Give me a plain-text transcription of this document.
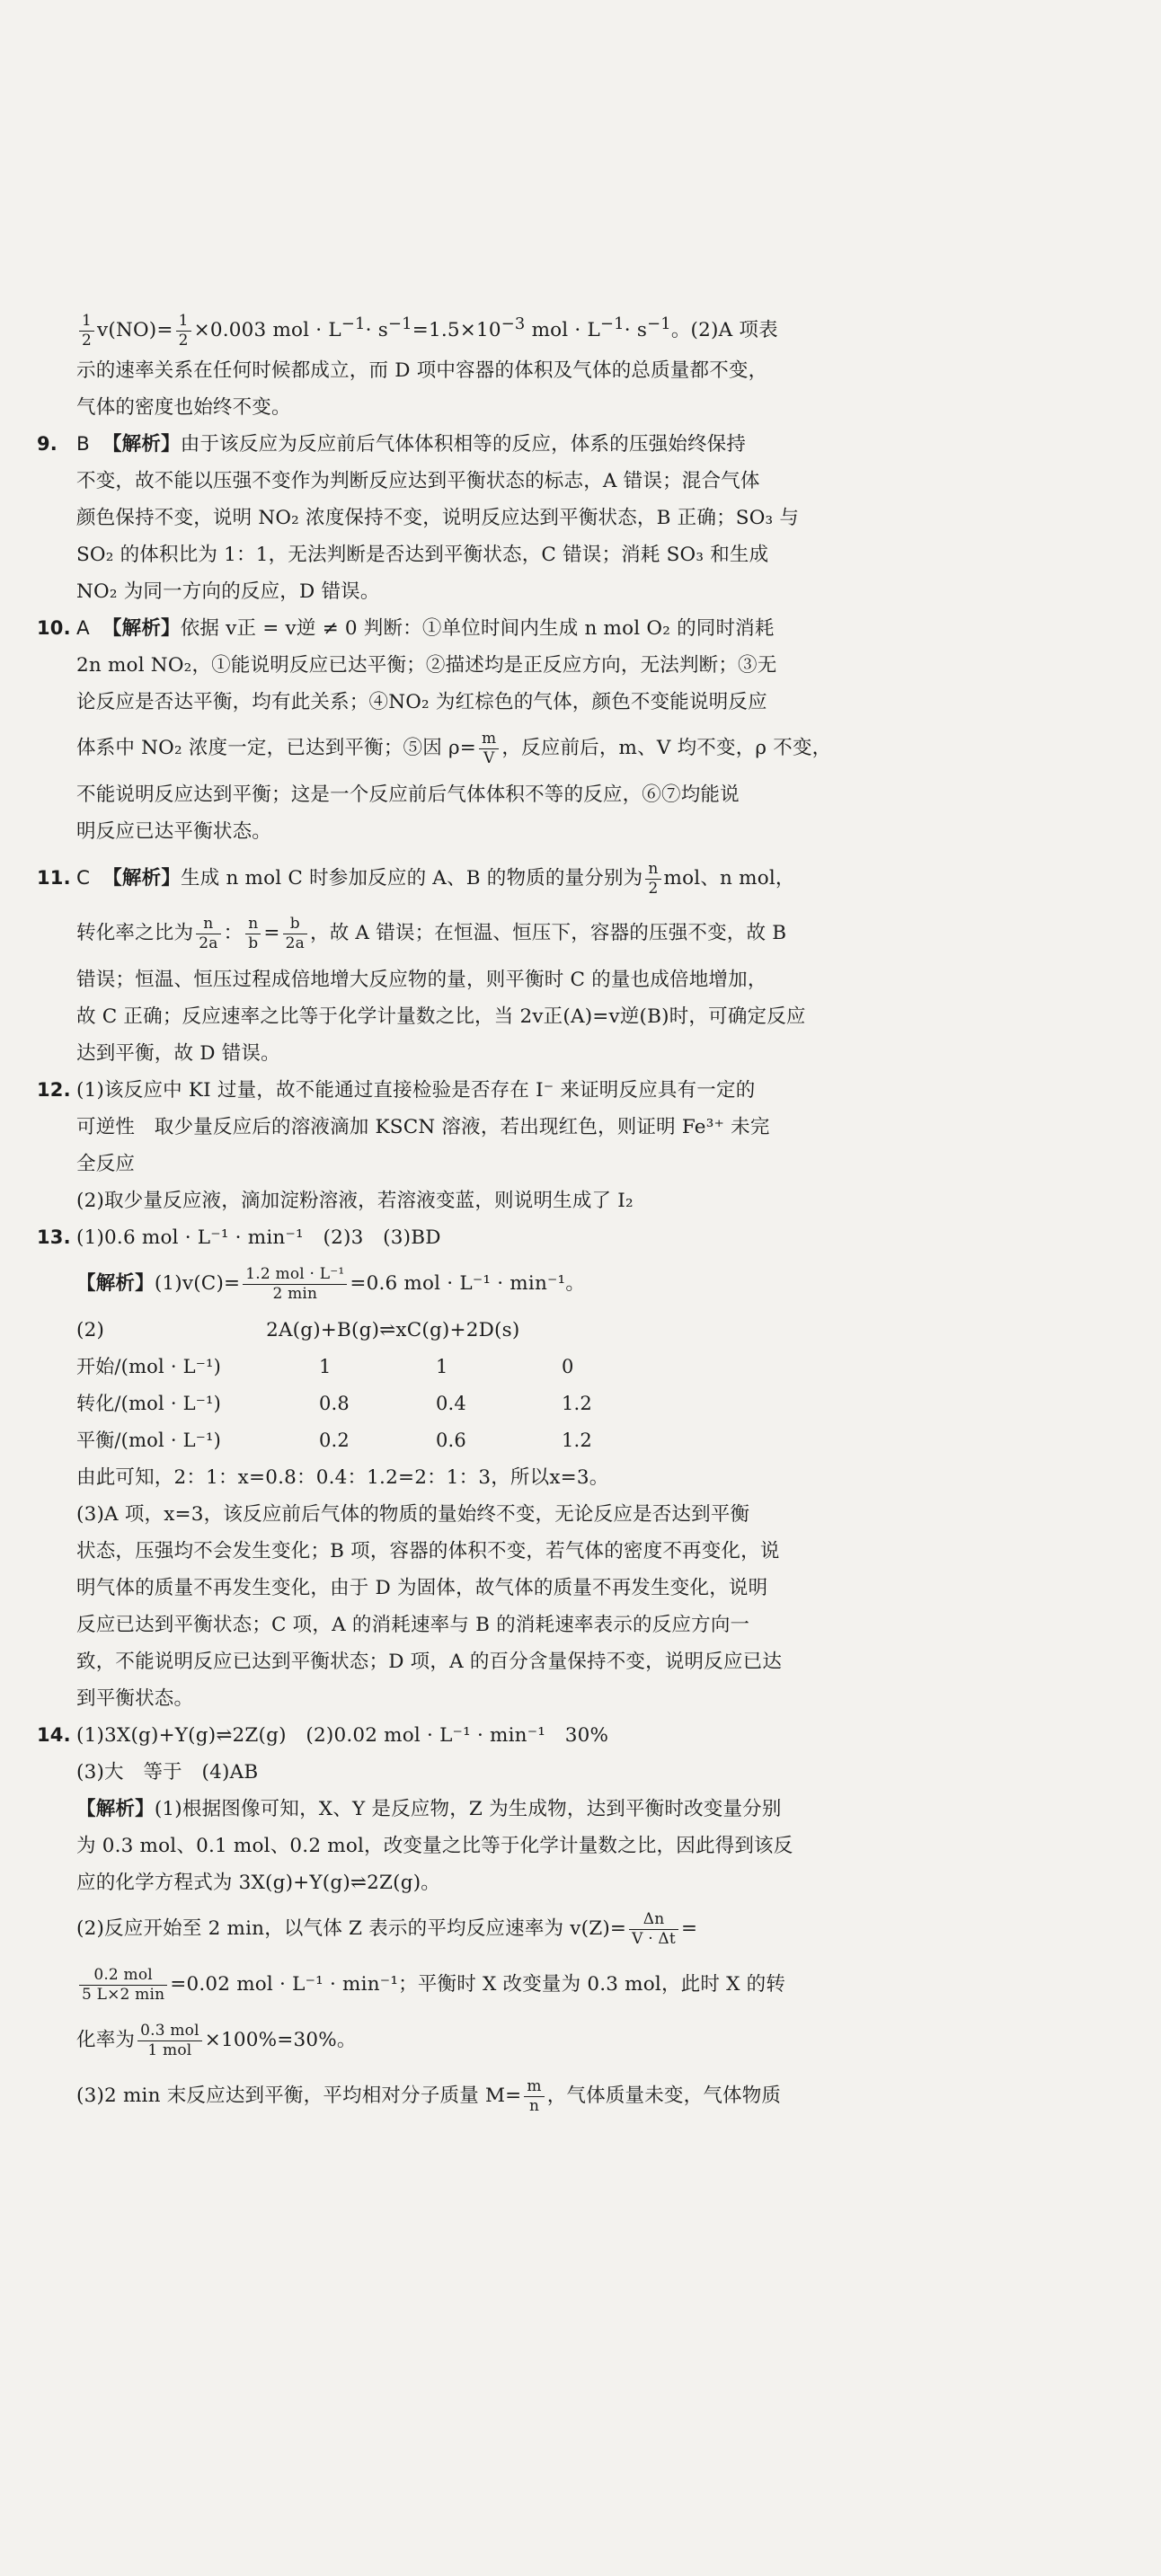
$\frac{1}{2} v(NO)= \frac{1}{2} \times 0.003$ mol · $L^{-1}\cdot s^{-1}=1.5\times 10^{-3}$ mol · $L^{-1}\cdot s^{-1}$。(2)A 项表
示的速率关系在任何时候都成立，而 D 项中容器的体积及气体的总质量都不变，
气体的密度也始终不变。
9. B 【解析】由于该反应为反应前后气体体积相等的反应，体系的压强始终保持
不变，故不能以压强不变作为判断反应达到平衡状态的标志，A 错误；混合气体
颜色保持不变，说明 NO₂ 浓度保持不变，说明反应达到平衡状态，B 正确；SO₃ 与
SO₂ 的体积比为 1：1，无法判断是否达到平衡状态，C 错误；消耗 SO₃ 和生成
NO₂ 为同一方向的反应，D 错误。
10. A 【解析】依据 v正 = v逆 ≠ 0 判断：①单位时间内生成 n mol O₂ 的同时消耗
2n mol NO₂，①能说明反应已达平衡；②描述均是正反应方向，无法判断；③无
论反应是否达平衡，均有此关系；④NO₂ 为红棕色的气体，颜色不变能说明反应
体系中 NO₂ 浓度一定，已达到平衡；⑤因 $\rho= \frac{m}{V}$ ，反应前后，m、V 均不变，ρ 不变，
不能说明反应达到平衡；这是一个反应前后气体体积不等的反应，⑥⑦均能说
明反应已达平衡状态。
11. C 【解析】生成 n mol C 时参加反应的 A、B 的物质的量分别为 $\frac{n}{2}$ mol、n mol，
转化率之比为 $\frac{n}{2a}$ ： $\frac{n}{b} = \frac{b}{2a}$ ，故 A 错误；在恒温、恒压下，容器的压强不变，故 B
错误；恒温、恒压过程成倍地增大反应物的量，则平衡时 C 的量也成倍地增加，
故 C 正确；反应速率之比等于化学计量数之比，当 2v正(A)=v逆(B)时，可确定反应
达到平衡，故 D 错误。
12. (1)该反应中 KI 过量，故不能通过直接检验是否存在 I⁻ 来证明反应具有一定的
可逆性　取少量反应后的溶液滴加 KSCN 溶液，若出现红色，则证明 Fe³⁺ 未完
全反应
(2)取少量反应液，滴加淀粉溶液，若溶液变蓝，则说明生成了 I₂
13. (1)0.6 mol · L⁻¹ · min⁻¹　(2)3　(3)BD
【解析】$(1)v(C)= \frac{\text{1.2 mol · L⁻¹}}{2 \min} =0.6$ mol · L⁻¹ · min⁻¹。
(2)	2A(g)+B(g)⇌xC(g)+2D(s)
开始/(mol · L⁻¹)	1	1	0
转化/(mol · L⁻¹)	0.8	0.4	1.2
平衡/(mol · L⁻¹)	0.2	0.6	1.2
由此可知，2：1：x=0.8：0.4：1.2=2：1：3，所以x=3。
(3)A 项，x=3，该反应前后气体的物质的量始终不变，无论反应是否达到平衡
状态，压强均不会发生变化；B 项，容器的体积不变，若气体的密度不再变化，说
明气体的质量不再发生变化，由于 D 为固体，故气体的质量不再发生变化，说明
反应已达到平衡状态；C 项，A 的消耗速率与 B 的消耗速率表示的反应方向一
致，不能说明反应已达到平衡状态；D 项，A 的百分含量保持不变，说明反应已达
到平衡状态。
14. (1)3X(g)+Y(g)⇌2Z(g)　(2)0.02 mol · L⁻¹ · min⁻¹　30%
(3)大　等于　(4)AB
【解析】(1)根据图像可知，X、Y 是反应物，Z 为生成物，达到平衡时改变量分别
为 0.3 mol、0.1 mol、0.2 mol，改变量之比等于化学计量数之比，因此得到该反
应的化学方程式为 3X(g)+Y(g)⇌2Z(g)。
(2)反应开始至 2 min，以气体 Z 表示的平均反应速率为 $v(Z)= \frac{\Delta n}{V \cdot \Delta t}$ =
$\frac{\text{0.2 mol}}{5 L\times 2 \min} =0.02$ mol · L⁻¹ · min⁻¹；平衡时 X 改变量为 0.3 mol，此时 X 的转
化率为 $\frac{\text{0.3 mol}}{\text{1 mol}} \times 100\%=30\%$。
(3)2 min 末反应达到平衡，平均相对分子质量 $M= \frac{m}{n}$ ，气体质量未变，气体物质
